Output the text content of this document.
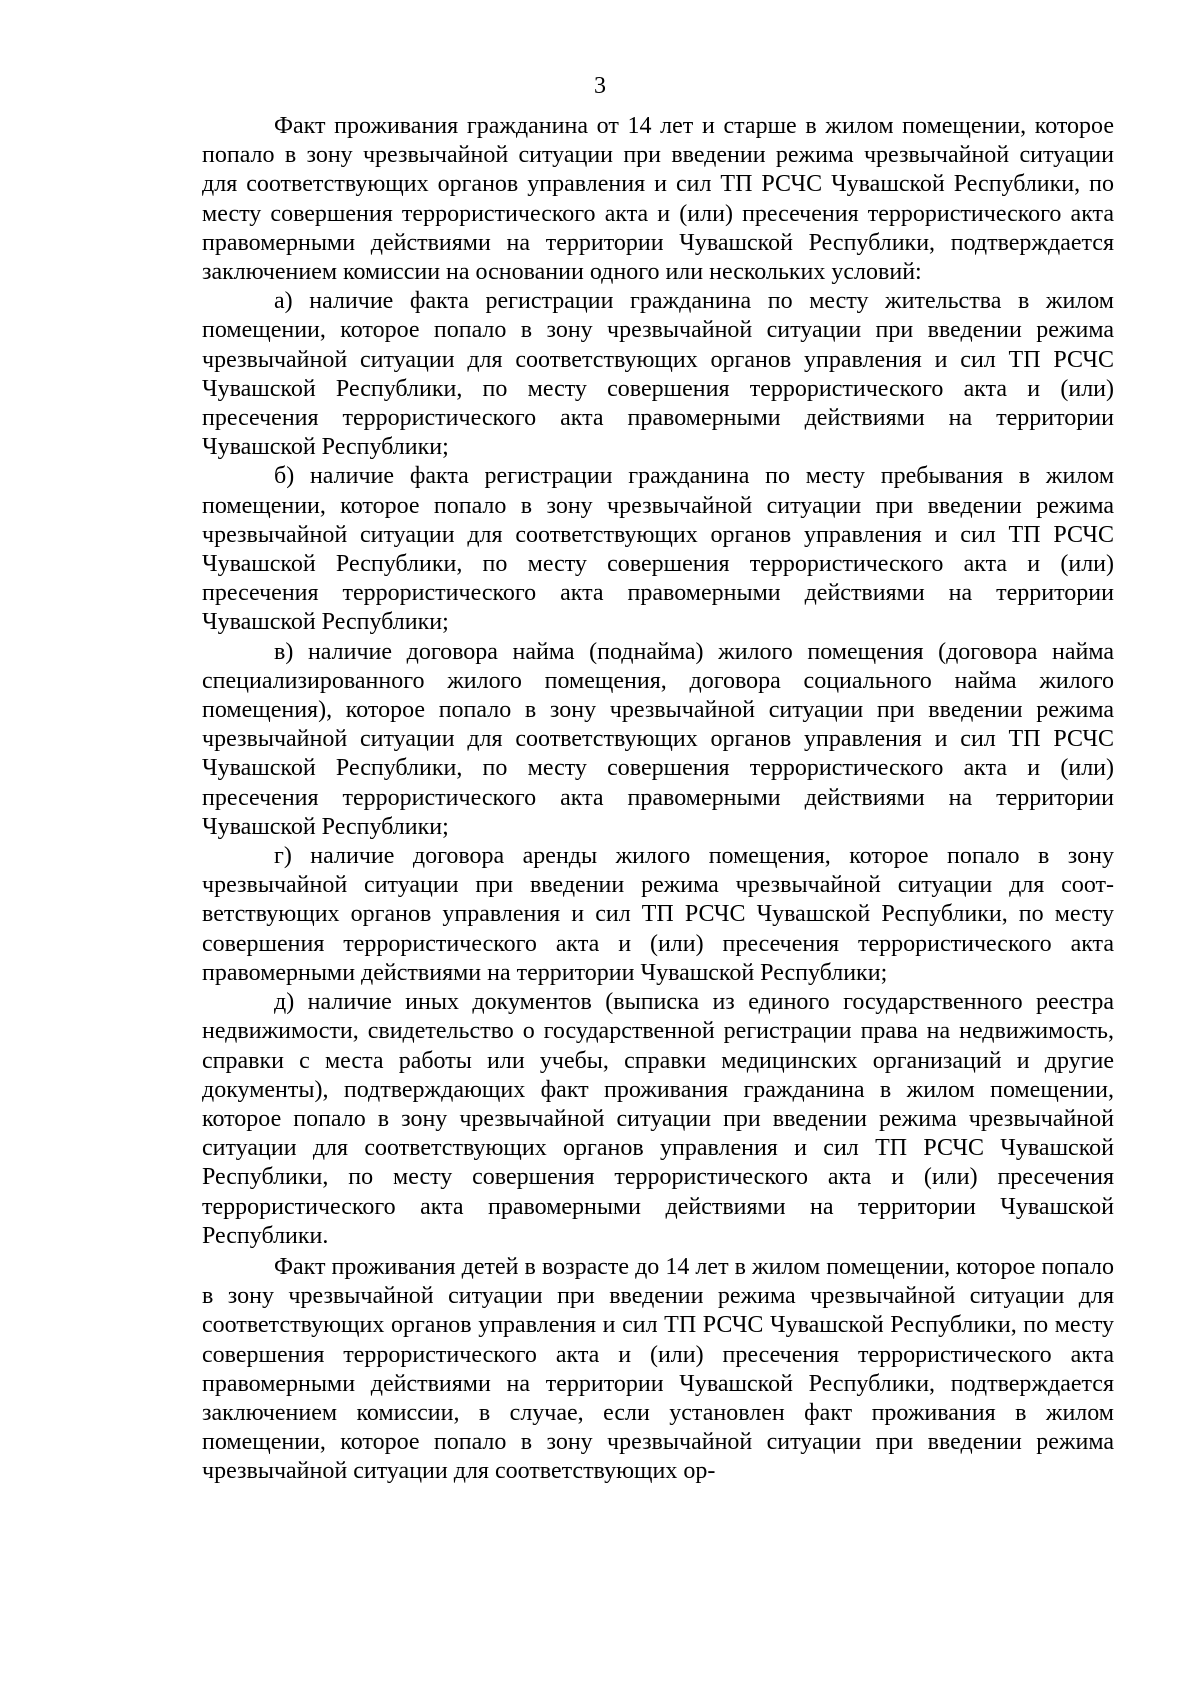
3

Факт проживания гражданина от 14 лет и старше в жилом помещении, которое попало в зону чрезвычайной ситуации при введении режима чрезвычайной ситуации для соответствующих органов управления и сил ТП РСЧС Чувашской Республики, по месту совершения террористического акта и (или) пресечения террористического акта правомерными действиями на территории Чувашской Республики, подтверждается заключением комиссии на основании одного или нескольких условий:

а) наличие факта регистрации гражданина по месту жительства в жилом помещении, которое попало в зону чрезвычайной ситуации при введении режима чрезвычайной ситуации для соответствующих органов управления и сил ТП РСЧС Чувашской Республики, по месту совершения террористического акта и (или) пресечения террористического акта правомерными действиями на территории Чувашской Республики;

б) наличие факта регистрации гражданина по месту пребывания в жилом помещении, которое попало в зону чрезвычайной ситуации при введении режима чрезвычайной ситуации для соответствующих органов управления и сил ТП РСЧС Чувашской Республики, по месту совершения террористического акта и (или) пресечения террористического акта правомерными действиями на территории Чувашской Республики;

в) наличие договора найма (поднайма) жилого помещения (договора найма специализированного жилого помещения, договора социального найма жилого помещения), которое попало в зону чрезвычайной ситуации при введении режима чрезвычайной ситуации для соответствующих органов управления и сил ТП РСЧС Чувашской Республики, по месту совершения террористического акта и (или) пресечения террористического акта правомерными действиями на территории Чувашской Республики;

г) наличие договора аренды жилого помещения, которое попало в зону чрезвычайной ситуации при введении режима чрезвычайной ситуации для соответствующих органов управления и сил ТП РСЧС Чувашской Республики, по месту совершения террористического акта и (или) пресечения террористического акта правомерными действиями на территории Чувашской Республики;

д) наличие иных документов (выписка из единого государственного реестра недвижимости, свидетельство о государственной регистрации права на недвижимость, справки с места работы или учебы, справки медицинских организаций и другие документы), подтверждающих факт проживания гражданина в жилом помещении, которое попало в зону чрезвычайной ситуации при введении режима чрезвычайной ситуации для соответствующих органов управления и сил ТП РСЧС Чувашской Республики, по месту совершения террористического акта и (или) пресечения террористического акта правомерными действиями на территории Чувашской Республики.

Факт проживания детей в возрасте до 14 лет в жилом помещении, которое попало в зону чрезвычайной ситуации при введении режима чрезвычайной ситуации для соответствующих органов управления и сил ТП РСЧС Чувашской Республики, по месту совершения террористического акта и (или) пресечения террористического акта правомерными действиями на территории Чувашской Республики, подтверждается заключением комиссии, в случае, если установлен факт проживания в жилом помещении, которое попало в зону чрезвычайной ситуации при введении режима чрезвычайной ситуации для соответствующих ор-
